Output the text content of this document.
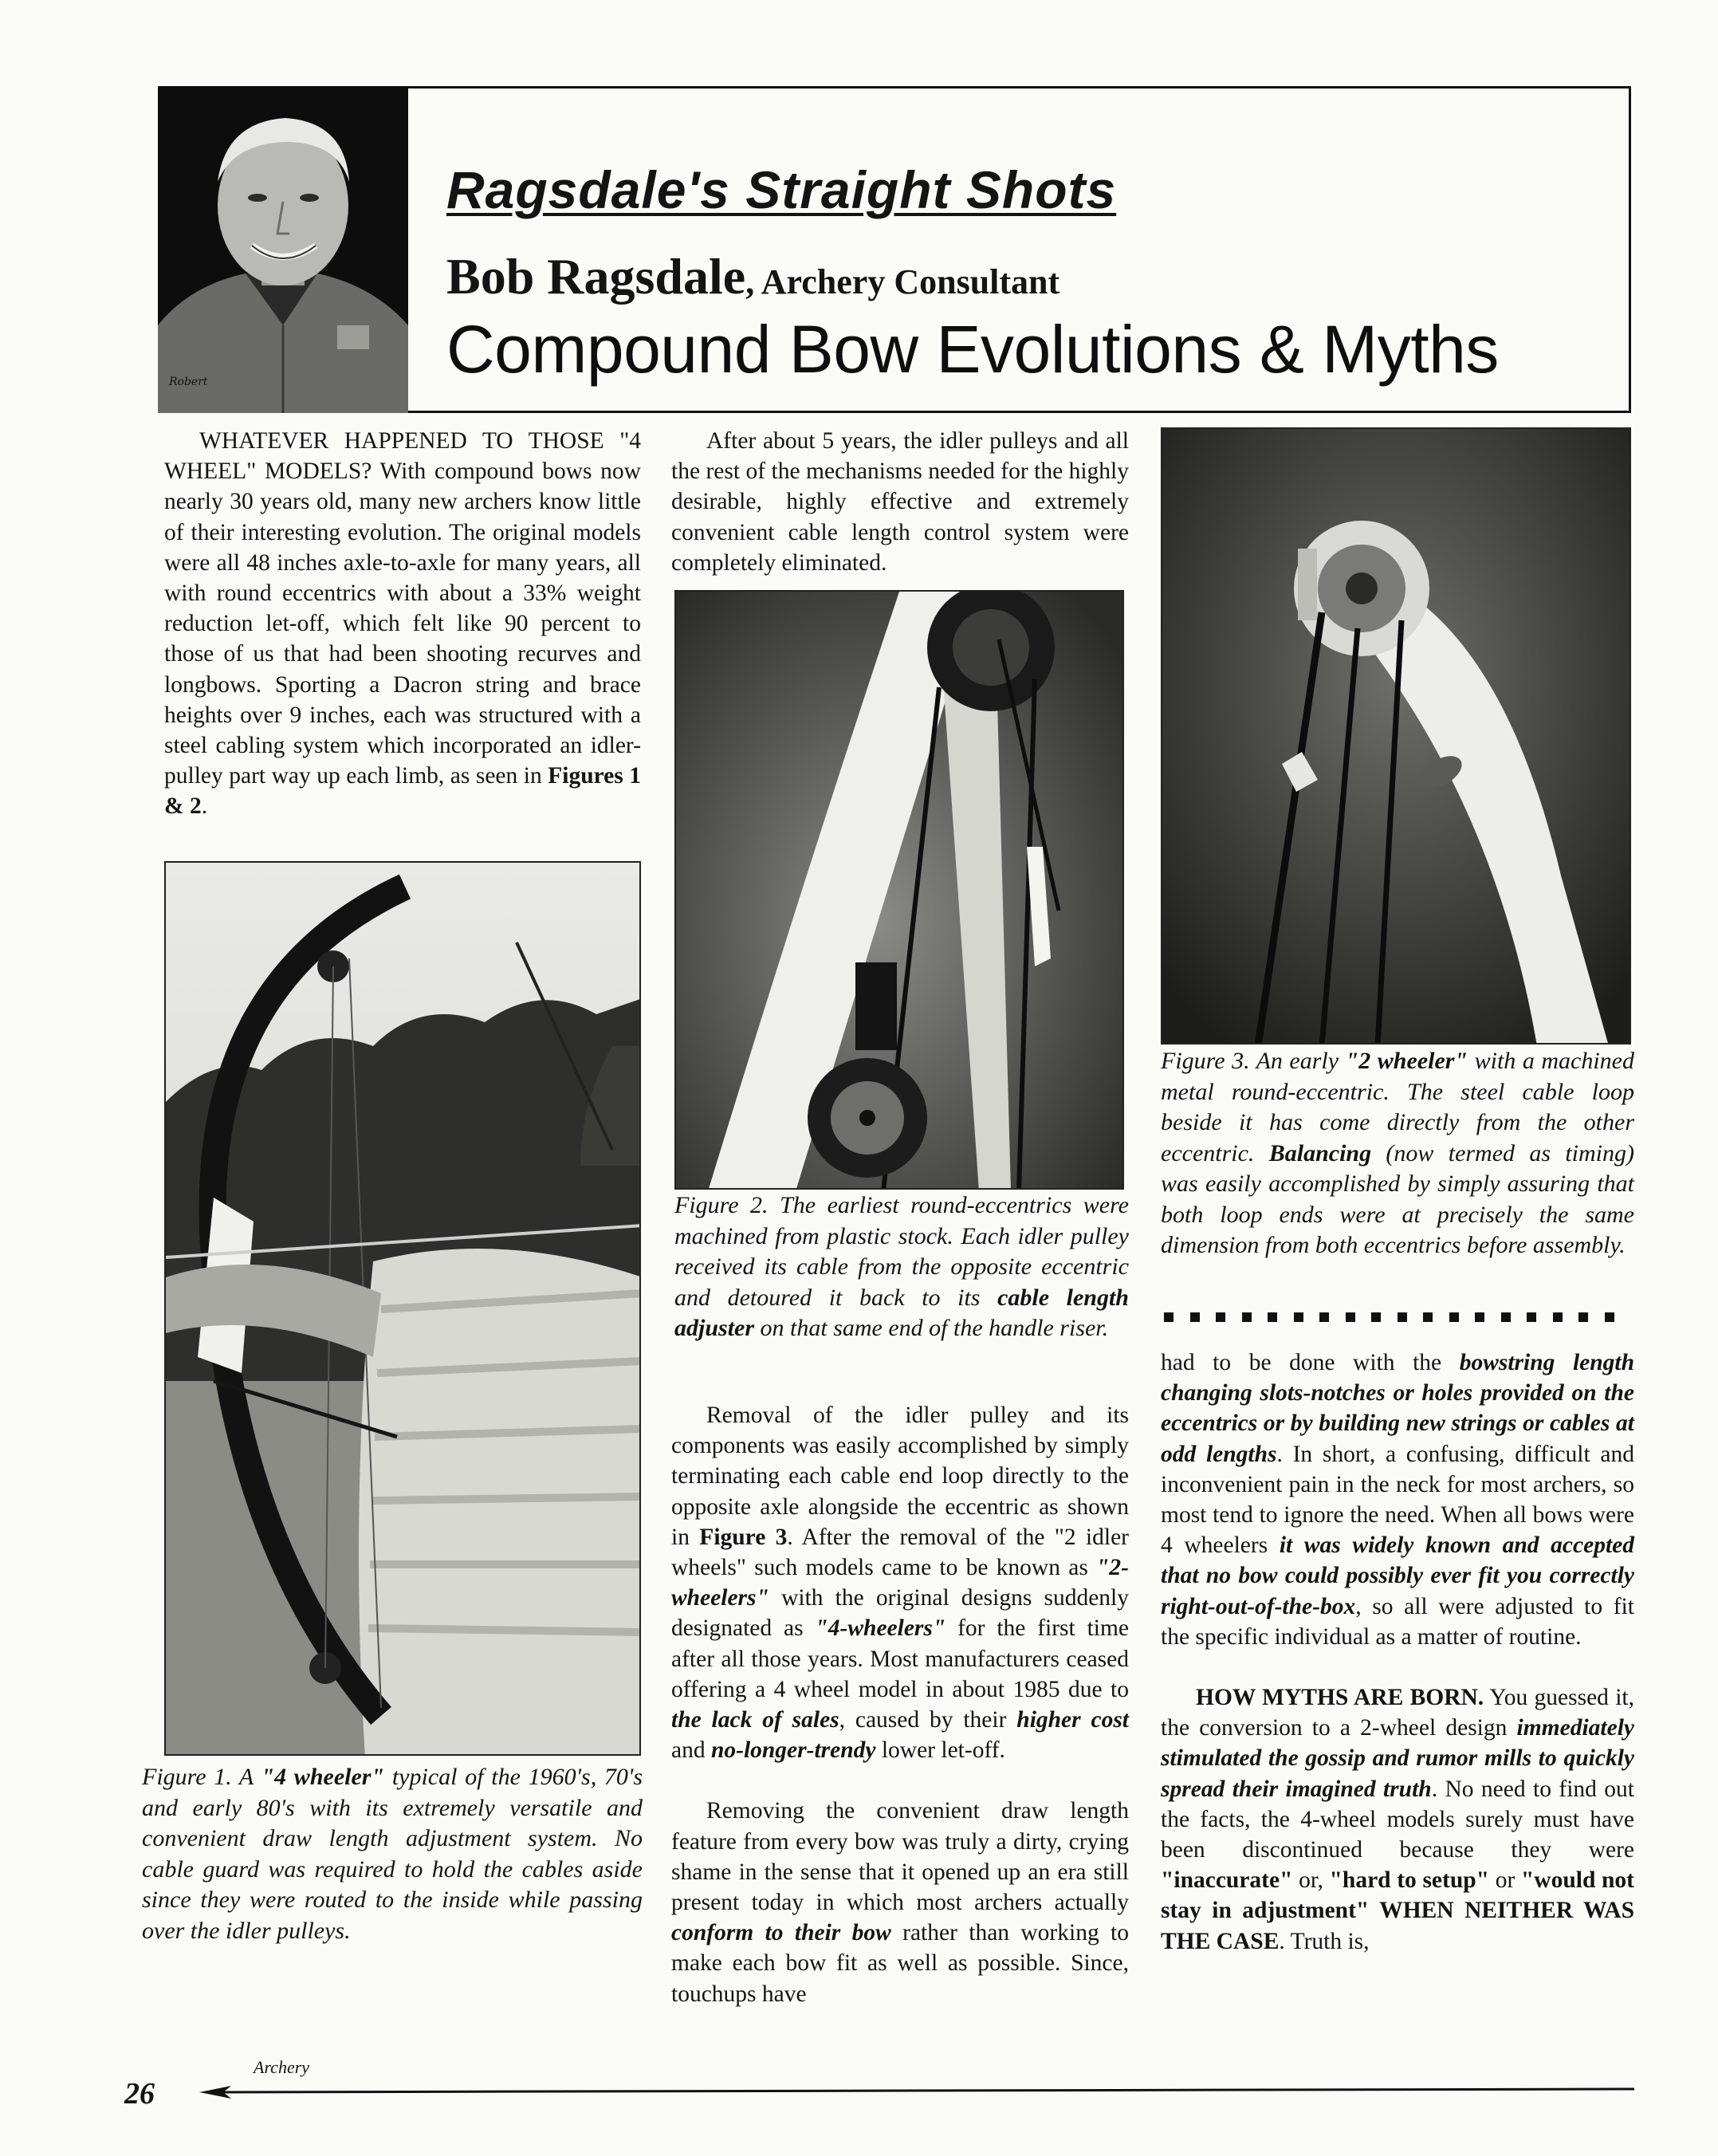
Robert
Ragsdale's Straight Shots
Bob Ragsdale, Archery Consultant
Compound Bow Evolutions & Myths

WHATEVER HAPPENED TO THOSE "4 WHEEL" MODELS? With compound bows now nearly 30 years old, many new archers know little of their interesting evolution. The original models were all 48 inches axle-to-axle for many years, all with round eccentrics with about a 33% weight reduction let-off, which felt like 90 percent to those of us that had been shooting recurves and longbows. Sporting a Dacron string and brace heights over 9 inches, each was structured with a steel cabling system which incorporated an idler-pulley part way up each limb, as seen in Figures 1 & 2.

Figure 1. A "4 wheeler" typical of the 1960's, 70's and early 80's with its extremely versatile and convenient draw length adjustment system. No cable guard was required to hold the cables aside since they were routed to the inside while passing over the idler pulleys.

After about 5 years, the idler pulleys and all the rest of the mechanisms needed for the highly desirable, highly effective and extremely convenient cable length control system were completely eliminated.

Figure 2. The earliest round-eccentrics were machined from plastic stock. Each idler pulley received its cable from the opposite eccentric and detoured it back to its cable length adjuster on that same end of the handle riser.

Removal of the idler pulley and its components was easily accomplished by simply terminating each cable end loop directly to the opposite axle alongside the eccentric as shown in Figure 3. After the removal of the "2 idler wheels" such models came to be known as "2-wheelers" with the original designs suddenly designated as "4-wheelers" for the first time after all those years. Most manufacturers ceased offering a 4 wheel model in about 1985 due to the lack of sales, caused by their higher cost and no-longer-trendy lower let-off.

Removing the convenient draw length feature from every bow was truly a dirty, crying shame in the sense that it opened up an era still present today in which most archers actually conform to their bow rather than working to make each bow fit as well as possible. Since, touchups have

Figure 3. An early "2 wheeler" with a machined metal round-eccentric. The steel cable loop beside it has come directly from the other eccentric. Balancing (now termed as timing) was easily accomplished by simply assuring that both loop ends were at precisely the same dimension from both eccentrics before assembly.

had to be done with the bowstring length changing slots-notches or holes provided on the eccentrics or by building new strings or cables at odd lengths. In short, a confusing, difficult and inconvenient pain in the neck for most archers, so most tend to ignore the need. When all bows were 4 wheelers it was widely known and accepted that no bow could possibly ever fit you correctly right-out-of-the-box, so all were adjusted to fit the specific individual as a matter of routine.

HOW MYTHS ARE BORN. You guessed it, the conversion to a 2-wheel design immediately stimulated the gossip and rumor mills to quickly spread their imagined truth. No need to find out the facts, the 4-wheel models surely must have been discontinued because they were "inaccurate" or, "hard to setup" or "would not stay in adjustment" WHEN NEITHER WAS THE CASE. Truth is,

26
Archery
